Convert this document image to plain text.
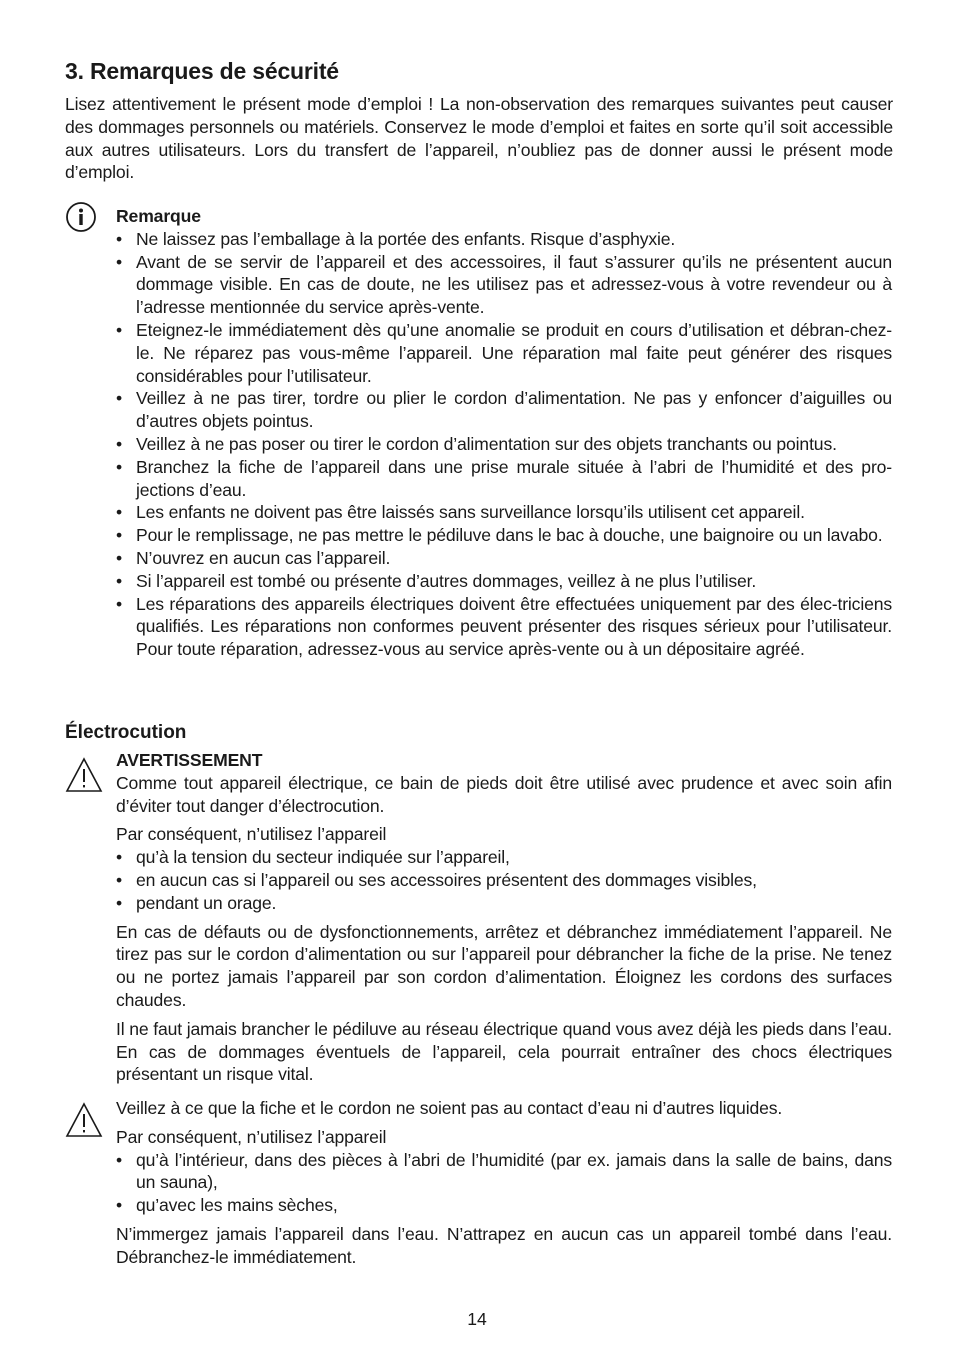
3. Remarques de sécurité

Lisez attentivement le présent mode d’emploi ! La non-observation des remarques suivantes peut causer des dommages personnels ou matériels. Conservez le mode d’emploi et faites en sorte qu’il soit accessible aux autres utilisateurs. Lors du transfert de l’appareil, n’oubliez pas de donner aussi le présent mode d’emploi.

Remarque

• Ne laissez pas l’emballage à la portée des enfants. Risque d’asphyxie.
• Avant de se servir de l’appareil et des accessoires, il faut s’assurer qu’ils ne présentent aucun dommage visible. En cas de doute, ne les utilisez pas et adressez-vous à votre revendeur ou à l’adresse mentionnée du service après-vente.
• Eteignez-le immédiatement dès qu’une anomalie se produit en cours d’utilisation et débran-chez-le. Ne réparez pas vous-même l’appareil. Une réparation mal faite peut générer des risques considérables pour l’utilisateur.
• Veillez à ne pas tirer, tordre ou plier le cordon d’alimentation. Ne pas y enfoncer d’aiguilles ou d’autres objets pointus.
• Veillez à ne pas poser ou tirer le cordon d’alimentation sur des objets tranchants ou pointus.
• Branchez la fiche de l’appareil dans une prise murale située à l’abri de l’humidité et des pro-jections d’eau.
• Les enfants ne doivent pas être laissés sans surveillance lorsqu’ils utilisent cet appareil.
• Pour le remplissage, ne pas mettre le pédiluve dans le bac à douche, une baignoire ou un lavabo.
• N’ouvrez en aucun cas l’appareil.
• Si l’appareil est tombé ou présente d’autres dommages, veillez à ne plus l’utiliser.
• Les réparations des appareils électriques doivent être effectuées uniquement par des élec-triciens qualifiés. Les réparations non conformes peuvent présenter des risques sérieux pour l’utilisateur. Pour toute réparation, adressez-vous au service après-vente ou à un dépositaire agréé.
Électrocution

AVERTISSEMENT

Comme tout appareil électrique, ce bain de pieds doit être utilisé avec prudence et avec soin afin d’éviter tout danger d’électrocution.

Par conséquent, n’utilisez l’appareil

• qu’à la tension du secteur indiquée sur l’appareil,
• en aucun cas si l’appareil ou ses accessoires présentent des dommages visibles,
• pendant un orage.

En cas de défauts ou de dysfonctionnements, arrêtez et débranchez immédiatement l’appareil. Ne tirez pas sur le cordon d’alimentation ou sur l’appareil pour débrancher la fiche de la prise. Ne tenez ou ne portez jamais l’appareil par son cordon d’alimentation. Éloignez les cordons des surfaces chaudes.

Il ne faut jamais brancher le pédiluve au réseau électrique quand vous avez déjà les pieds dans l’eau. En cas de dommages éventuels de l’appareil, cela pourrait entraîner des chocs électriques présentant un risque vital.

Veillez à ce que la fiche et le cordon ne soient pas au contact d’eau ni d’autres liquides.

Par conséquent, n’utilisez l’appareil

• qu’à l’intérieur, dans des pièces à l’abri de l’humidité (par ex. jamais dans la salle de bains, dans un sauna),
• qu’avec les mains sèches,

N’immergez jamais l’appareil dans l’eau. N’attrapez en aucun cas un appareil tombé dans l’eau. Débranchez-le immédiatement.

14
